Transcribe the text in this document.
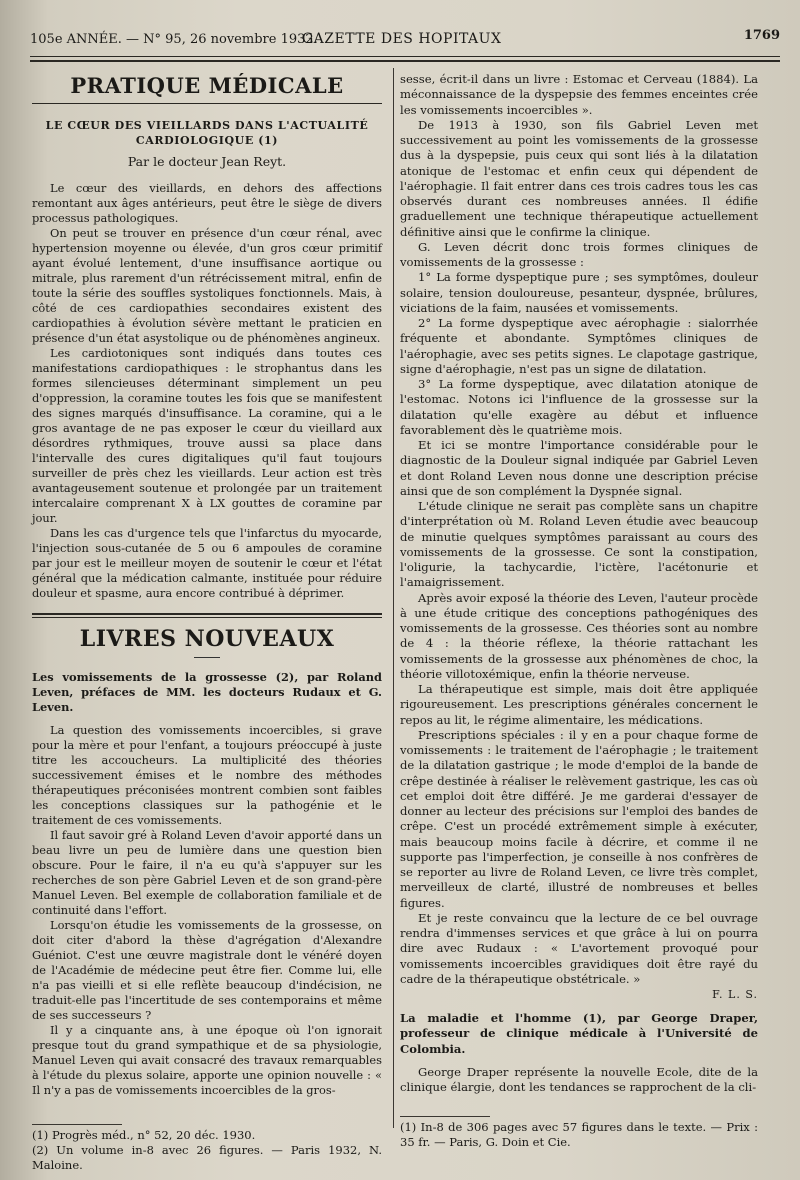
105e ANNÉE. — N° 95, 26 novembre 1932.
GAZETTE DES HOPITAUX	1769
PRATIQUE MÉDICALE
LE CŒUR DES VIEILLARDS DANS L'ACTUALITÉ CARDIOLOGIQUE (1)
Par le docteur Jean Reyt.

Le cœur des vieillards, en dehors des affections remontant aux âges antérieurs, peut être le siège de divers processus pathologiques.

On peut se trouver en présence d'un cœur rénal, avec hypertension moyenne ou élevée, d'un gros cœur primitif ayant évolué lentement, d'une insuffisance aortique ou mitrale, plus rarement d'un rétrécissement mitral, enfin de toute la série des souffles systoliques fonctionnels. Mais, à côté de ces cardiopathies secondaires existent des cardiopathies à évolution sévère mettant le praticien en présence d'un état asystolique ou de phénomènes angineux.

Les cardiotoniques sont indiqués dans toutes ces manifestations cardiopathiques : le strophantus dans les formes silencieuses déterminant simplement un peu d'oppression, la coramine toutes les fois que se manifestent des signes marqués d'insuffisance. La coramine, qui a le gros avantage de ne pas exposer le cœur du vieillard aux désordres rythmiques, trouve aussi sa place dans l'intervalle des cures digitaliques qu'il faut toujours surveiller de près chez les vieillards. Leur action est très avantageusement soutenue et prolongée par un traitement intercalaire comprenant X à LX gouttes de coramine par jour.

Dans les cas d'urgence tels que l'infarctus du myocarde, l'injection sous-cutanée de 5 ou 6 ampoules de coramine par jour est le meilleur moyen de soutenir le cœur et l'état général que la médication calmante, instituée pour réduire douleur et spasme, aura encore contribué à déprimer.

LIVRES NOUVEAUX

Les vomissements de la grossesse (2), par Roland Leven, préfaces de MM. les docteurs Rudaux et G. Leven.

La question des vomissements incoercibles, si grave pour la mère et pour l'enfant, a toujours préoccupé à juste titre les accoucheurs. La multiplicité des théories successivement émises et le nombre des méthodes thérapeutiques préconisées montrent combien sont faibles les conceptions classiques sur la pathogénie et le traitement de ces vomissements.

Il faut savoir gré à Roland Leven d'avoir apporté dans un beau livre un peu de lumière dans une question bien obscure. Pour le faire, il n'a eu qu'à s'appuyer sur les recherches de son père Gabriel Leven et de son grand-père Manuel Leven. Bel exemple de collaboration familiale et de continuité dans l'effort.

Lorsqu'on étudie les vomissements de la grossesse, on doit citer d'abord la thèse d'agrégation d'Alexandre Guéniot. C'est une œuvre magistrale dont le vénéré doyen de l'Académie de médecine peut être fier. Comme lui, elle n'a pas vieilli et si elle reflète beaucoup d'indécision, ne traduit-elle pas l'incertitude de ses contemporains et même de ses successeurs ?

Il y a cinquante ans, à une époque où l'on ignorait presque tout du grand sympathique et de sa physiologie, Manuel Leven qui avait consacré des travaux remarquables à l'étude du plexus solaire, apporte une opinion nouvelle : « Il n'y a pas de vomissements incoercibles de la gros-

(1) Progrès méd., n° 52, 20 déc. 1930.

(2) Un volume in-8 avec 26 figures. — Paris 1932, N. Maloine.

sesse, écrit-il dans un livre : Estomac et Cerveau (1884). La méconnaissance de la dyspepsie des femmes enceintes crée les vomissements incoercibles ».

De 1913 à 1930, son fils Gabriel Leven met successivement au point les vomissements de la grossesse dus à la dyspepsie, puis ceux qui sont liés à la dilatation atonique de l'estomac et enfin ceux qui dépendent de l'aérophagie. Il fait entrer dans ces trois cadres tous les cas observés durant ces nombreuses années. Il édifie graduellement une technique thérapeutique actuellement définitive ainsi que le confirme la clinique.

G. Leven décrit donc trois formes cliniques de vomissements de la grossesse :

1° La forme dyspeptique pure ; ses symptômes, douleur solaire, tension douloureuse, pesanteur, dyspnée, brûlures, viciations de la faim, nausées et vomissements.

2° La forme dyspeptique avec aérophagie : sialorrhée fréquente et abondante. Symptômes cliniques de l'aérophagie, avec ses petits signes. Le clapotage gastrique, signe d'aérophagie, n'est pas un signe de dilatation.

3° La forme dyspeptique, avec dilatation atonique de l'estomac. Notons ici l'influence de la grossesse sur la dilatation qu'elle exagère au début et influence favorablement dès le quatrième mois.

Et ici se montre l'importance considérable pour le diagnostic de la Douleur signal indiquée par Gabriel Leven et dont Roland Leven nous donne une description précise ainsi que de son complément la Dyspnée signal.

L'étude clinique ne serait pas complète sans un chapitre d'interprétation où M. Roland Leven étudie avec beaucoup de minutie quelques symptômes paraissant au cours des vomissements de la grossesse. Ce sont la constipation, l'oligurie, la tachycardie, l'ictère, l'acétonurie et l'amaigrissement.

Après avoir exposé la théorie des Leven, l'auteur procède à une étude critique des conceptions pathogéniques des vomissements de la grossesse. Ces théories sont au nombre de 4 : la théorie réflexe, la théorie rattachant les vomissements de la grossesse aux phénomènes de choc, la théorie villotoxémique, enfin la théorie nerveuse.

La thérapeutique est simple, mais doit être appliquée rigoureusement. Les prescriptions générales concernent le repos au lit, le régime alimentaire, les médications.

Prescriptions spéciales : il y en a pour chaque forme de vomissements : le traitement de l'aérophagie ; le traitement de la dilatation gastrique ; le mode d'emploi de la bande de crêpe destinée à réaliser le relèvement gastrique, les cas où cet emploi doit être différé. Je me garderai d'essayer de donner au lecteur des précisions sur l'emploi des bandes de crêpe. C'est un procédé extrêmement simple à exécuter, mais beaucoup moins facile à décrire, et comme il ne supporte pas l'imperfection, je conseille à nos confrères de se reporter au livre de Roland Leven, ce livre très complet, merveilleux de clarté, illustré de nombreuses et belles figures.

Et je reste convaincu que la lecture de ce bel ouvrage rendra d'immenses services et que grâce à lui on pourra dire avec Rudaux : « L'avortement provoqué pour vomissements incoercibles gravidiques doit être rayé du cadre de la thérapeutique obstétricale. »

F. L. S.

La maladie et l'homme (1), par George Draper, professeur de clinique médicale à l'Université de Colombia.

George Draper représente la nouvelle Ecole, dite de la clinique élargie, dont les tendances se rapprochent de la cli-

(1) In-8 de 306 pages avec 57 figures dans le texte. — Prix : 35 fr. — Paris, G. Doin et Cie.
